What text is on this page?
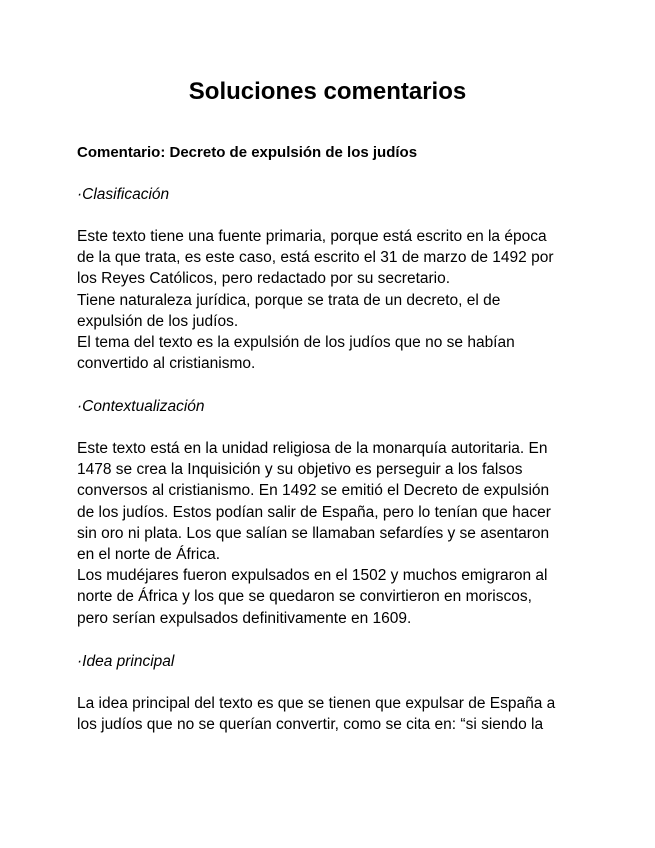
Soluciones comentarios
Comentario: Decreto de expulsión de los judíos

·Clasificación

Este texto tiene una fuente primaria, porque está escrito en la época
de la que trata, es este caso, está escrito el 31 de marzo de 1492 por
los Reyes Católicos, pero redactado por su secretario.
Tiene naturaleza jurídica, porque se trata de un decreto, el de
expulsión de los judíos.
El tema del texto es la expulsión de los judíos que no se habían
convertido al cristianismo.

·Contextualización

Este texto está en la unidad religiosa de la monarquía autoritaria. En
1478 se crea la Inquisición y su objetivo es perseguir a los falsos
conversos al cristianismo. En 1492 se emitió el Decreto de expulsión
de los judíos. Estos podían salir de España, pero lo tenían que hacer
sin oro ni plata. Los que salían se llamaban sefardíes y se asentaron
en el norte de África.
Los mudéjares fueron expulsados en el 1502 y muchos emigraron al
norte de África y los que se quedaron se convirtieron en moriscos,
pero serían expulsados definitivamente en 1609.

·Idea principal

La idea principal del texto es que se tienen que expulsar de España a
los judíos que no se querían convertir, como se cita en: “si siendo la
